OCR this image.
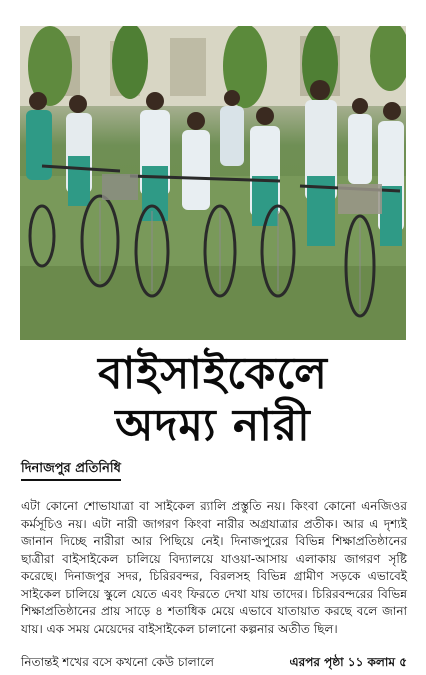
বাইসাইকেলে
অদম্য নারী
দিনাজপুর প্রতিনিধি

এটা কোনো শোভাযাত্রা বা সাইকেল র‌্যালি প্রস্তুতি নয়। কিংবা কোনো এনজিওর কর্মসূচিও নয়। এটা নারী জাগরণ কিংবা নারীর অগ্রযাত্রার প্রতীক। আর এ দৃশ্যই জানান দিচ্ছে নারীরা আর পিছিয়ে নেই। দিনাজপুরের বিভিন্ন শিক্ষাপ্রতিষ্ঠানের ছাত্রীরা বাইসাইকেল চালিয়ে বিদ্যালয়ে যাওয়া-আসায় এলাকায় জাগরণ সৃষ্টি করেছে। দিনাজপুর সদর, চিরিরবন্দর, বিরলসহ বিভিন্ন গ্রামীণ সড়কে এভাবেই সাইকেল চালিয়ে স্কুলে যেতে এবং ফিরতে দেখা যায় তাদের। চিরিরবন্দরের বিভিন্ন শিক্ষাপ্রতিষ্ঠানের প্রায় সাড়ে ৪ শতাধিক মেয়ে এভাবে যাতায়াত করছে বলে জানা যায়। এক সময় মেয়েদের বাইসাইকেল চালানো কল্পনার অতীত ছিল।

নিতান্তই শখের বসে কখনো কেউ চালালে	এরপর পৃষ্ঠা ১১ কলাম ৫
